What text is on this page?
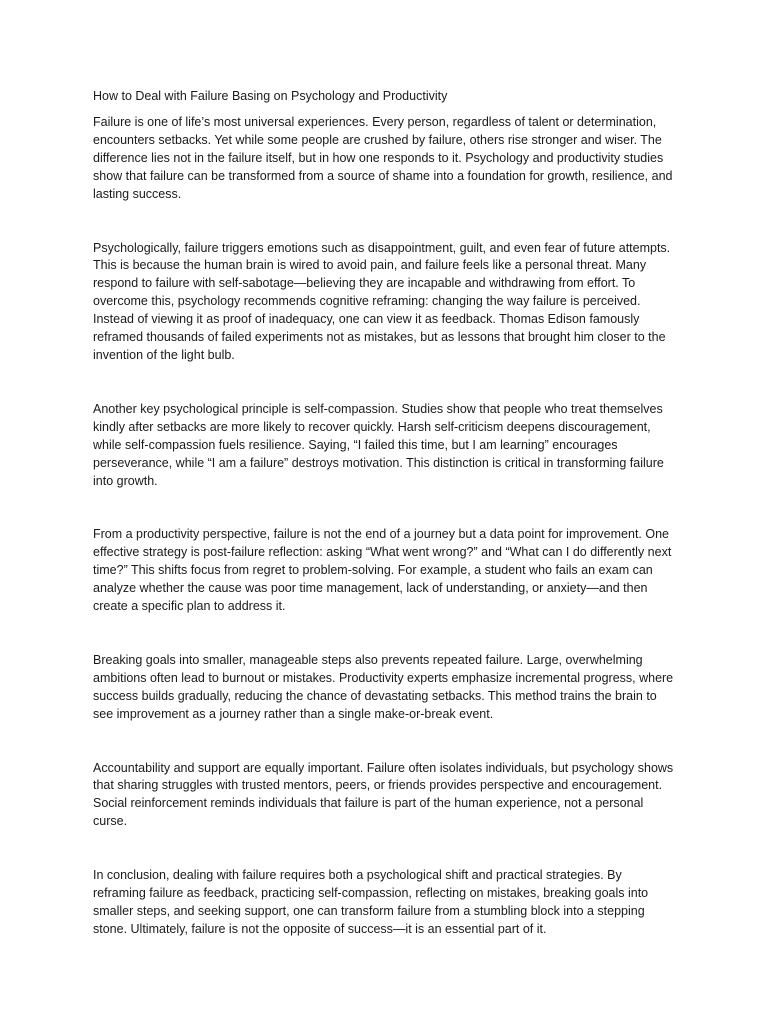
How to Deal with Failure Basing on Psychology and Productivity

Failure is one of life’s most universal experiences. Every person, regardless of talent or determination, encounters setbacks. Yet while some people are crushed by failure, others rise stronger and wiser. The difference lies not in the failure itself, but in how one responds to it. Psychology and productivity studies show that failure can be transformed from a source of shame into a foundation for growth, resilience, and lasting success.

Psychologically, failure triggers emotions such as disappointment, guilt, and even fear of future attempts. This is because the human brain is wired to avoid pain, and failure feels like a personal threat. Many respond to failure with self-sabotage—believing they are incapable and withdrawing from effort. To overcome this, psychology recommends cognitive reframing: changing the way failure is perceived. Instead of viewing it as proof of inadequacy, one can view it as feedback. Thomas Edison famously reframed thousands of failed experiments not as mistakes, but as lessons that brought him closer to the invention of the light bulb.

Another key psychological principle is self-compassion. Studies show that people who treat themselves kindly after setbacks are more likely to recover quickly. Harsh self-criticism deepens discouragement, while self-compassion fuels resilience. Saying, “I failed this time, but I am learning” encourages perseverance, while “I am a failure” destroys motivation. This distinction is critical in transforming failure into growth.

From a productivity perspective, failure is not the end of a journey but a data point for improvement. One effective strategy is post-failure reflection: asking “What went wrong?” and “What can I do differently next time?” This shifts focus from regret to problem-solving. For example, a student who fails an exam can analyze whether the cause was poor time management, lack of understanding, or anxiety—and then create a specific plan to address it.

Breaking goals into smaller, manageable steps also prevents repeated failure. Large, overwhelming ambitions often lead to burnout or mistakes. Productivity experts emphasize incremental progress, where success builds gradually, reducing the chance of devastating setbacks. This method trains the brain to see improvement as a journey rather than a single make-or-break event.

Accountability and support are equally important. Failure often isolates individuals, but psychology shows that sharing struggles with trusted mentors, peers, or friends provides perspective and encouragement. Social reinforcement reminds individuals that failure is part of the human experience, not a personal curse.

In conclusion, dealing with failure requires both a psychological shift and practical strategies. By reframing failure as feedback, practicing self-compassion, reflecting on mistakes, breaking goals into smaller steps, and seeking support, one can transform failure from a stumbling block into a stepping stone. Ultimately, failure is not the opposite of success—it is an essential part of it.
